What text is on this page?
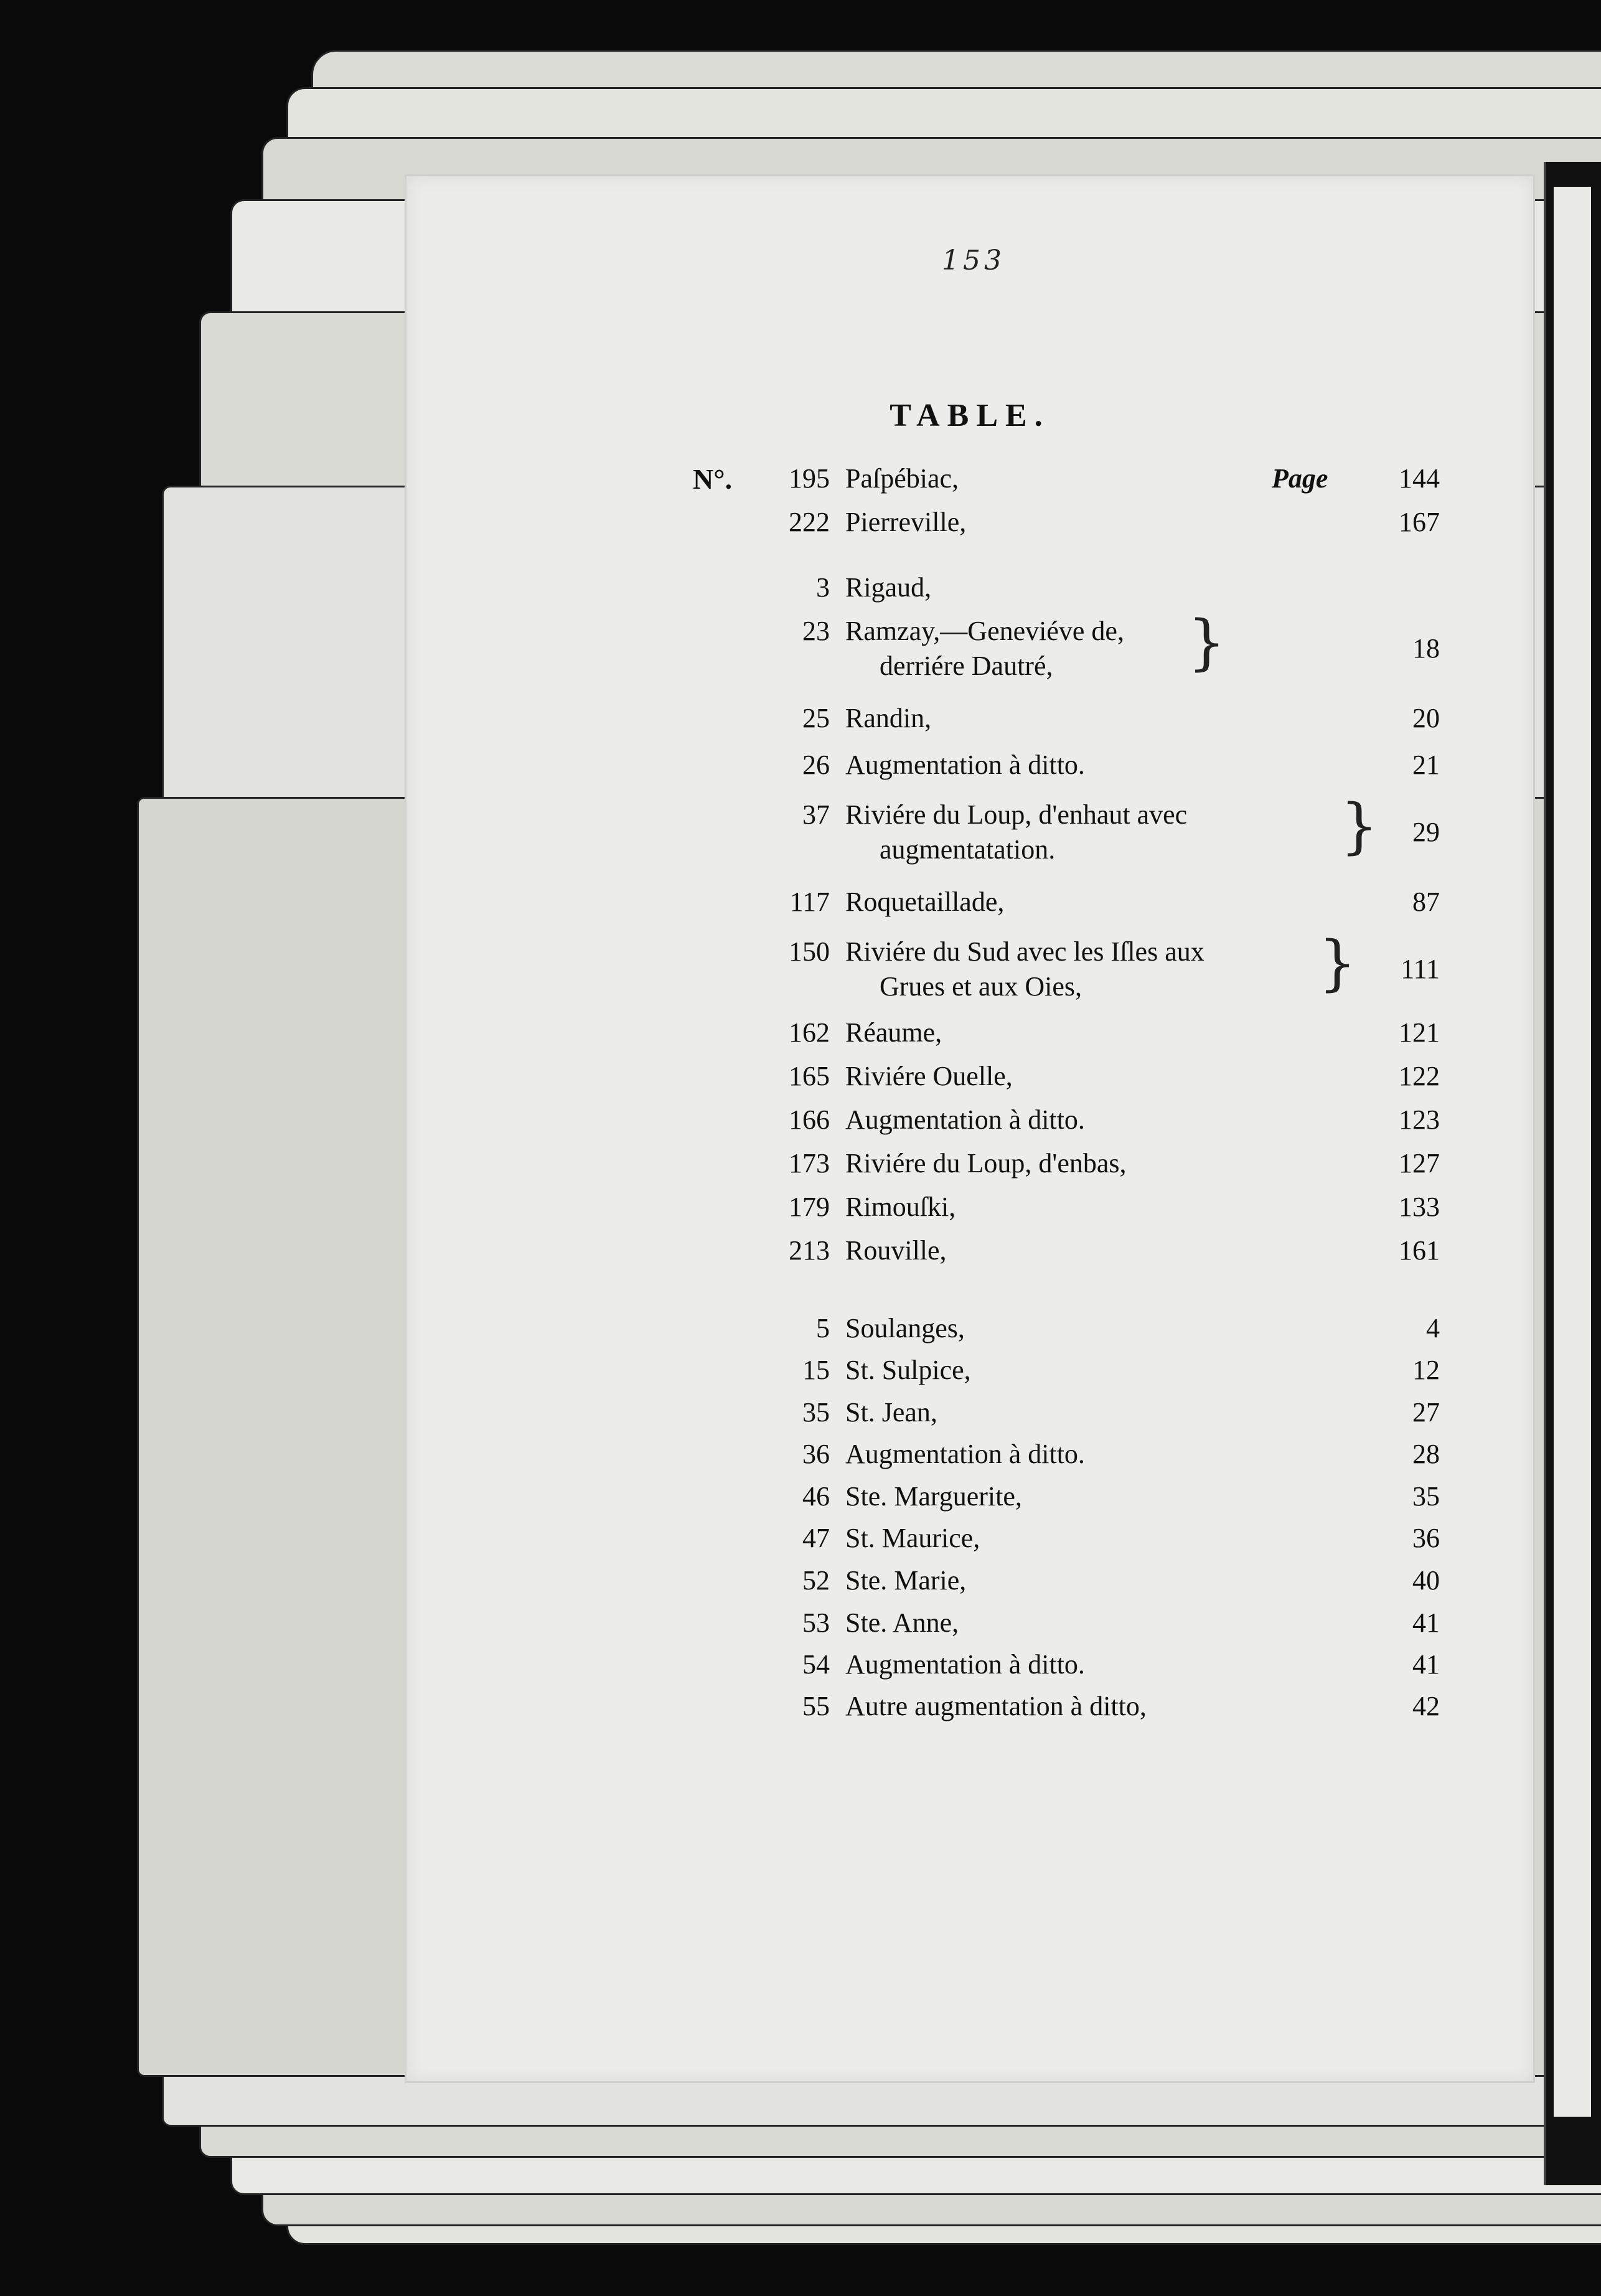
153
TABLE.
N°.	195 Paſpébiac,	Page	144
222 Pierreville,	167
3 Rigaud,
23 Ramzay,—Geneviéve de,
derriére Dautré, }	18
25 Randin,	20
26 Augmentation à ditto.	21
37 Riviére du Loup, d'enhaut avec
augmentatation.	}	29
117 Roquetaillade,	87
150 Riviére du Sud avec les Iſles aux
Grues et aux Oies,	}	111
162 Réaume,	121
165 Riviére Ouelle,	122
166 Augmentation à ditto.	123
173 Riviére du Loup, d'enbas,	127
179 Rimouſki,	133
213 Rouville,	161
5 Soulanges,	4
15 St. Sulpice,	12
35 St. Jean,	27
36 Augmentation à ditto.	28
46 Ste. Marguerite,	35
47 St. Maurice,	36
52 Ste. Marie,	40
53 Ste. Anne,	41
54 Augmentation à ditto.	41
55 Autre augmentation à ditto,	42
